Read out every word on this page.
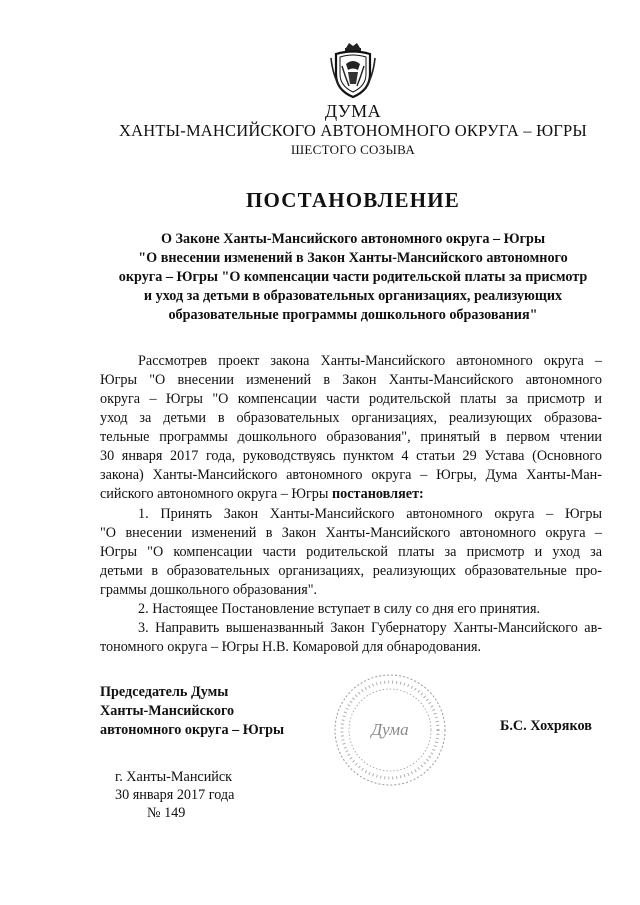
ДУМА
ХАНТЫ-МАНСИЙСКОГО АВТОНОМНОГО ОКРУГА – ЮГРЫ
ШЕСТОГО СОЗЫВА
ПОСТАНОВЛЕНИЕ
О Законе Ханты-Мансийского автономного округа – Югры
"О внесении изменений в Закон Ханты-Мансийского автономного
округа – Югры "О компенсации части родительской платы за присмотр
и уход за детьми в образовательных организациях, реализующих
образовательные программы дошкольного образования"
Рассмотрев проект закона Ханты-Мансийского автономного округа –
Югры "О внесении изменений в Закон Ханты-Мансийского автономного
округа – Югры "О компенсации части родительской платы за присмотр и
уход за детьми в образовательных организациях, реализующих образова-
тельные программы дошкольного образования", принятый в первом чтении
30 января 2017 года, руководствуясь пунктом 4 статьи 29 Устава (Основного
закона) Ханты-Мансийского автономного округа – Югры, Дума Ханты-Ман-
сийского автономного округа – Югры постановляет:
1. Принять Закон Ханты-Мансийского автономного округа – Югры
"О внесении изменений в Закон Ханты-Мансийского автономного округа –
Югры "О компенсации части родительской платы за присмотр и уход за
детьми в образовательных организациях, реализующих образовательные про-
граммы дошкольного образования".
2. Настоящее Постановление вступает в силу со дня его принятия.
3. Направить вышеназванный Закон Губернатору Ханты-Мансийского ав-
тономного округа – Югры Н.В. Комаровой для обнародования.
Председатель Думы
Ханты-Мансийского
автономного округа – Югры	Дума	Б.С. Хохряков
г. Ханты-Мансийск
30 января 2017 года
№ 149
